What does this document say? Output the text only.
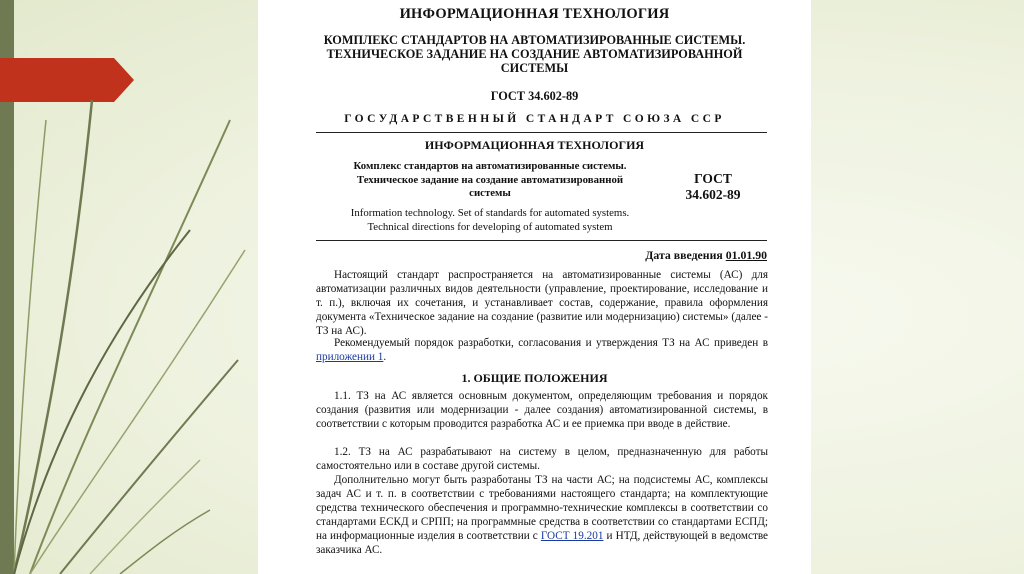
ИНФОРМАЦИОННАЯ ТЕХНОЛОГИЯ
КОМПЛЕКС СТАНДАРТОВ НА АВТОМАТИЗИРОВАННЫЕ СИСТЕМЫ.
ТЕХНИЧЕСКОЕ ЗАДАНИЕ НА СОЗДАНИЕ АВТОМАТИЗИРОВАННОЙ
СИСТЕМЫ
ГОСТ 34.602-89
ГОСУДАРСТВЕННЫЙ СТАНДАРТ СОЮЗА ССР
ИНФОРМАЦИОННАЯ ТЕХНОЛОГИЯ
Комплекс стандартов на автоматизированные системы.
Техническое задание на создание автоматизированной
системы
ГОСТ
34.602-89
Information technology. Set of standards for automated systems.
Technical directions for developing of automated system
Дата введения 01.01.90
Настоящий стандарт распространяется на автоматизированные системы (АС) для автоматизации различных видов деятельности (управление, проектирование, исследование и т. п.), включая их сочетания, и устанавливает состав, содержание, правила оформления документа «Техническое задание на создание (развитие или модернизацию) системы» (далее - ТЗ на АС).
Рекомендуемый порядок разработки, согласования и утверждения ТЗ на АС приведен в приложении 1.
1. ОБЩИЕ ПОЛОЖЕНИЯ
1.1. ТЗ на АС является основным документом, определяющим требования и порядок создания (развития или модернизации - далее создания) автоматизированной системы, в соответствии с которым проводится разработка АС и ее приемка при вводе в действие.
1.2. ТЗ на АС разрабатывают на систему в целом, предназначенную для работы самостоятельно или в составе другой системы.
Дополнительно могут быть разработаны ТЗ на части АС; на подсистемы АС, комплексы задач АС и т. п. в соответствии с требованиями настоящего стандарта; на комплектующие средства технического обеспечения и программно-технические комплексы в соответствии со стандартами ЕСКД и СРПП; на программные средства в соответствии со стандартами ЕСПД; на информационные изделия в соответствии с ГОСТ 19.201 и НТД, действующей в ведомстве заказчика АС.
